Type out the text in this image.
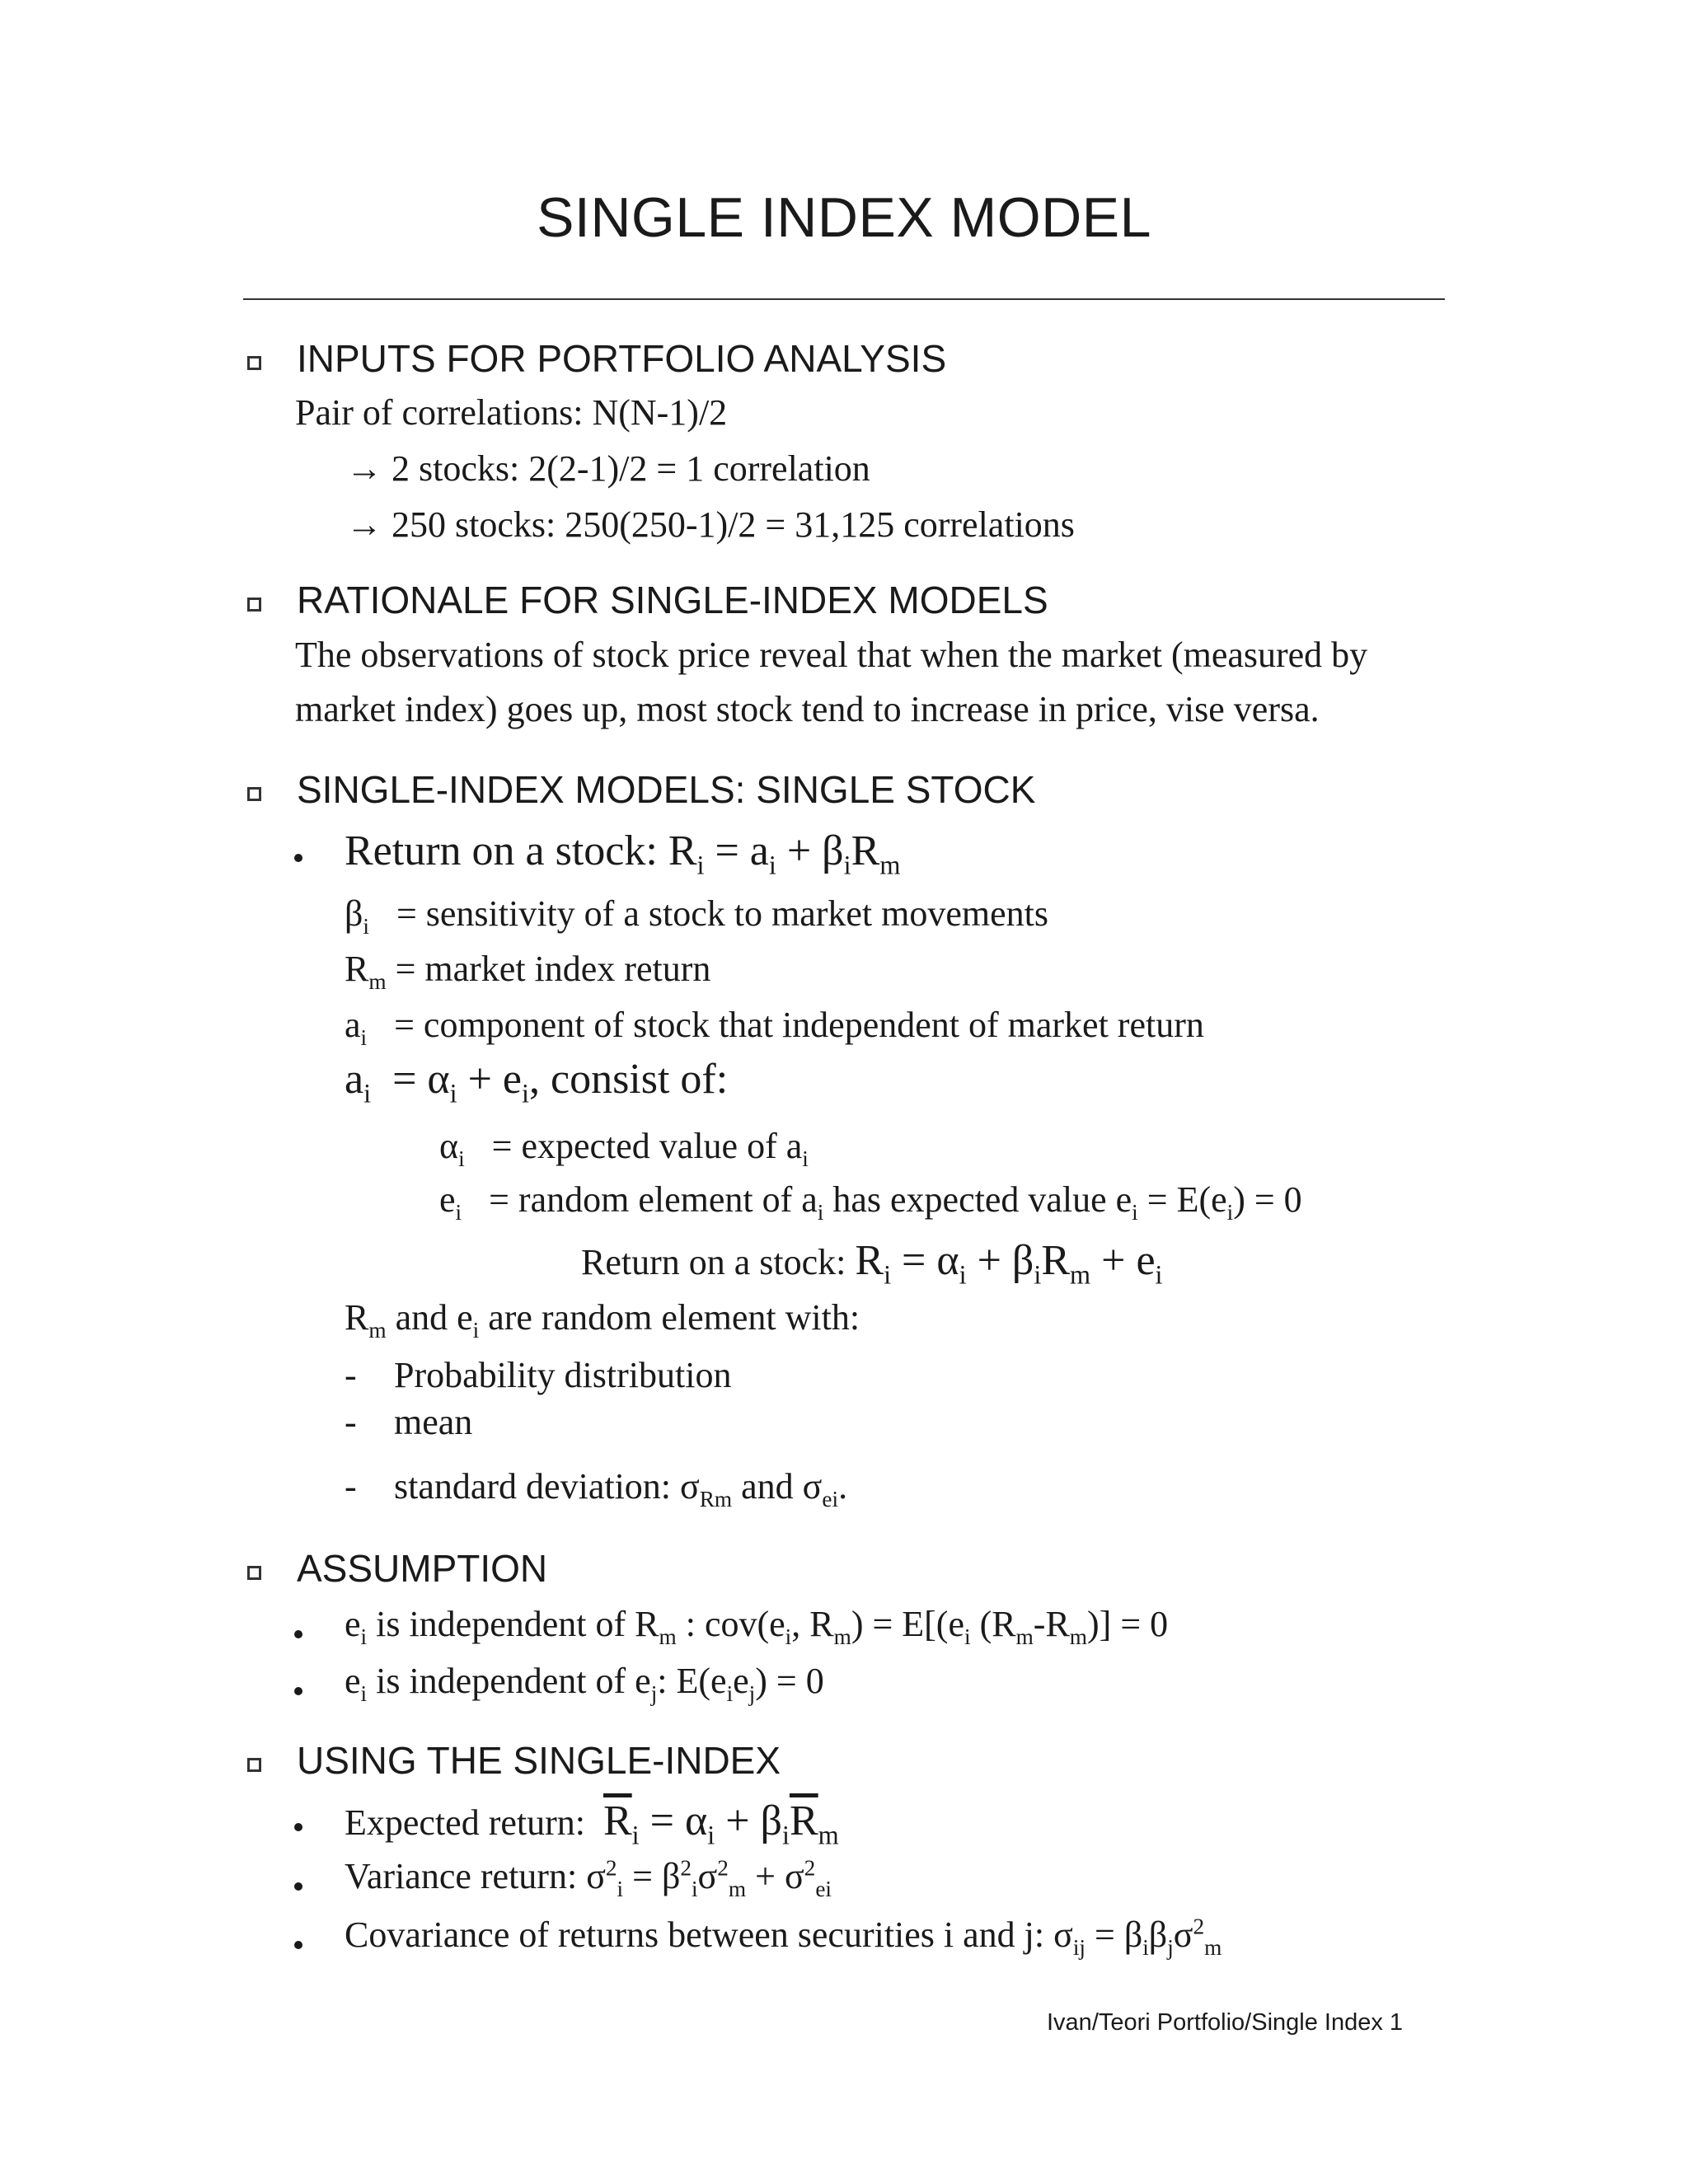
SINGLE INDEX MODEL
INPUTS FOR PORTFOLIO ANALYSIS
Pair of correlations: N(N-1)/2
→ 2 stocks: 2(2-1)/2 = 1 correlation
→ 250 stocks: 250(250-1)/2 = 31,125 correlations
RATIONALE FOR SINGLE-INDEX MODELS
The observations of stock price reveal that when the market (measured by
market index) goes up, most stock tend to increase in price, vise versa.
SINGLE-INDEX MODELS: SINGLE STOCK
Return on a stock: $R_i = a_i + \beta_iR_m$
$\beta_i$ = sensitivity of a stock to market movements
$R_m$ = market index return
$a_i$ = component of stock that independent of market return
$a_i = \alpha_i + e_i$, consist of:
$\alpha_i$ = expected value of $a_i$
$e_i$ = random element of $a_i$ has expected value $e_i = E(e_i) = 0$
Return on a stock: $R_i = \alpha_i + \beta_iR_m + e_i$
$R_m$ and $e_i$ are random element with:
- Probability distribution
- mean
- standard deviation: $\sigma_{Rm}$ and $\sigma_{ei}$.
ASSUMPTION
$e_i$ is independent of $R_m$ : $cov(e_i$, $R_m) = E[(e_i$ $(R_m-R_m)] = 0$
$e_i$ is independent of $e_j$: $E(e_ie_j) = 0$
USING THE SINGLE-INDEX
Expected return: $\overline{R}_i = \alpha_i + \beta_i\overline{R}_m$
Variance return: $\sigma^2_i = \beta^2_i\sigma^2_m + \sigma^2_{ei}$
Covariance of returns between securities i and j: $\sigma_{ij} = \beta_i\beta_j\sigma^2_m$
Ivan/Teori Portfolio/Single Index 1
